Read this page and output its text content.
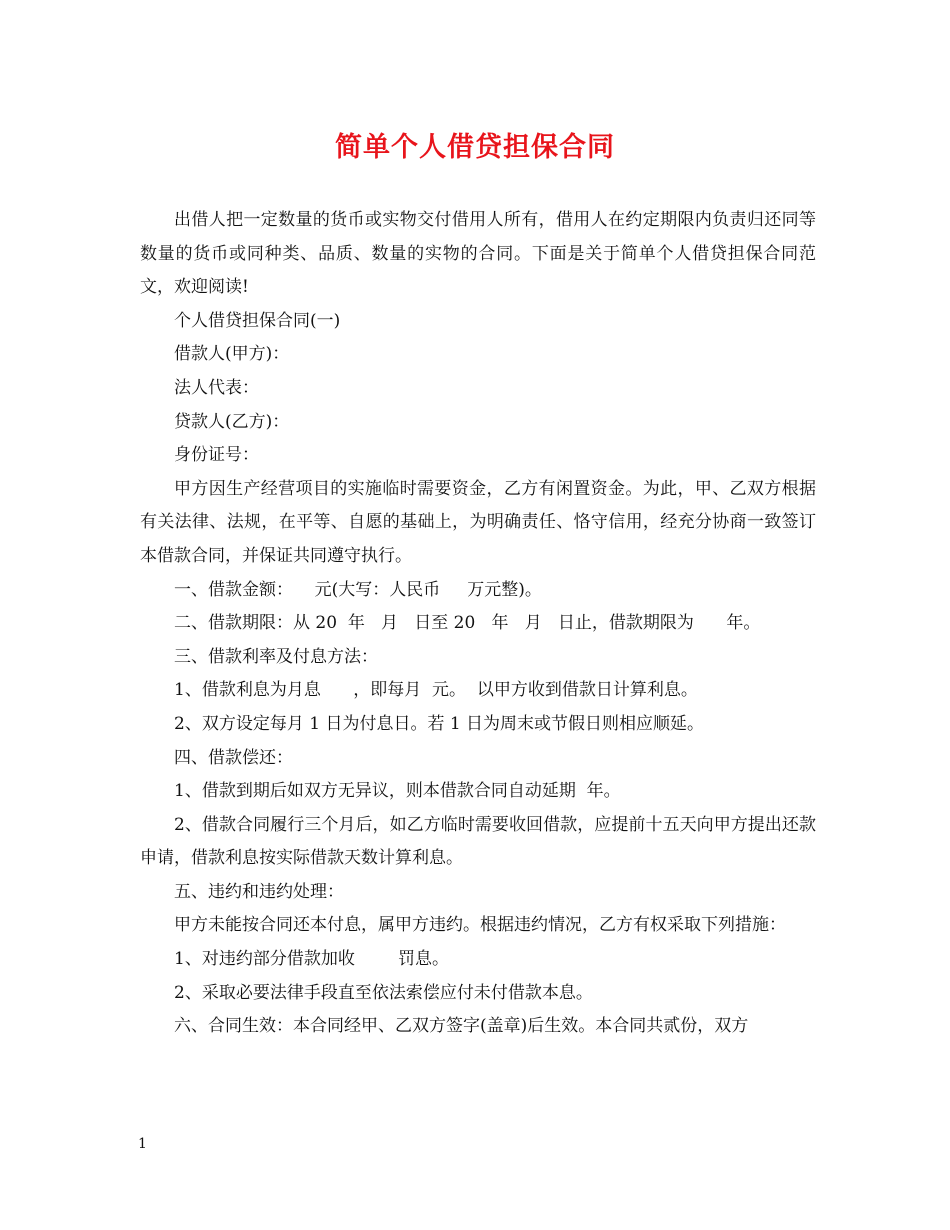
简单个人借贷担保合同

出借人把一定数量的货币或实物交付借用人所有，借用人在约定期限内负责归还同等数量的货币或同种类、品质、数量的实物的合同。下面是关于简单个人借贷担保合同范文，欢迎阅读!

个人借贷担保合同(一)

借款人(甲方)：

法人代表：

贷款人(乙方)：

身份证号：

甲方因生产经营项目的实施临时需要资金，乙方有闲置资金。为此，甲、乙双方根据有关法律、法规，在平等、自愿的基础上，为明确责任、恪守信用，经充分协商一致签订本借款合同，并保证共同遵守执行。

一、借款金额：    元(大写：人民币     万元整)。

二、借款期限：从 20  年   月   日至 20   年   月   日止，借款期限为      年。

三、借款利率及付息方法：

1、借款利息为月息      ，即每月  元。  以甲方收到借款日计算利息。

2、双方设定每月 1 日为付息日。若 1 日为周末或节假日则相应顺延。

四、借款偿还：

1、借款到期后如双方无异议，则本借款合同自动延期  年。

2、借款合同履行三个月后，如乙方临时需要收回借款，应提前十五天向甲方提出还款申请，借款利息按实际借款天数计算利息。

五、违约和违约处理：

甲方未能按合同还本付息，属甲方违约。根据违约情况，乙方有权采取下列措施：

1、对违约部分借款加收        罚息。

2、采取必要法律手段直至依法索偿应付未付借款本息。

六、合同生效：本合同经甲、乙双方签字(盖章)后生效。本合同共贰份，双方

1
